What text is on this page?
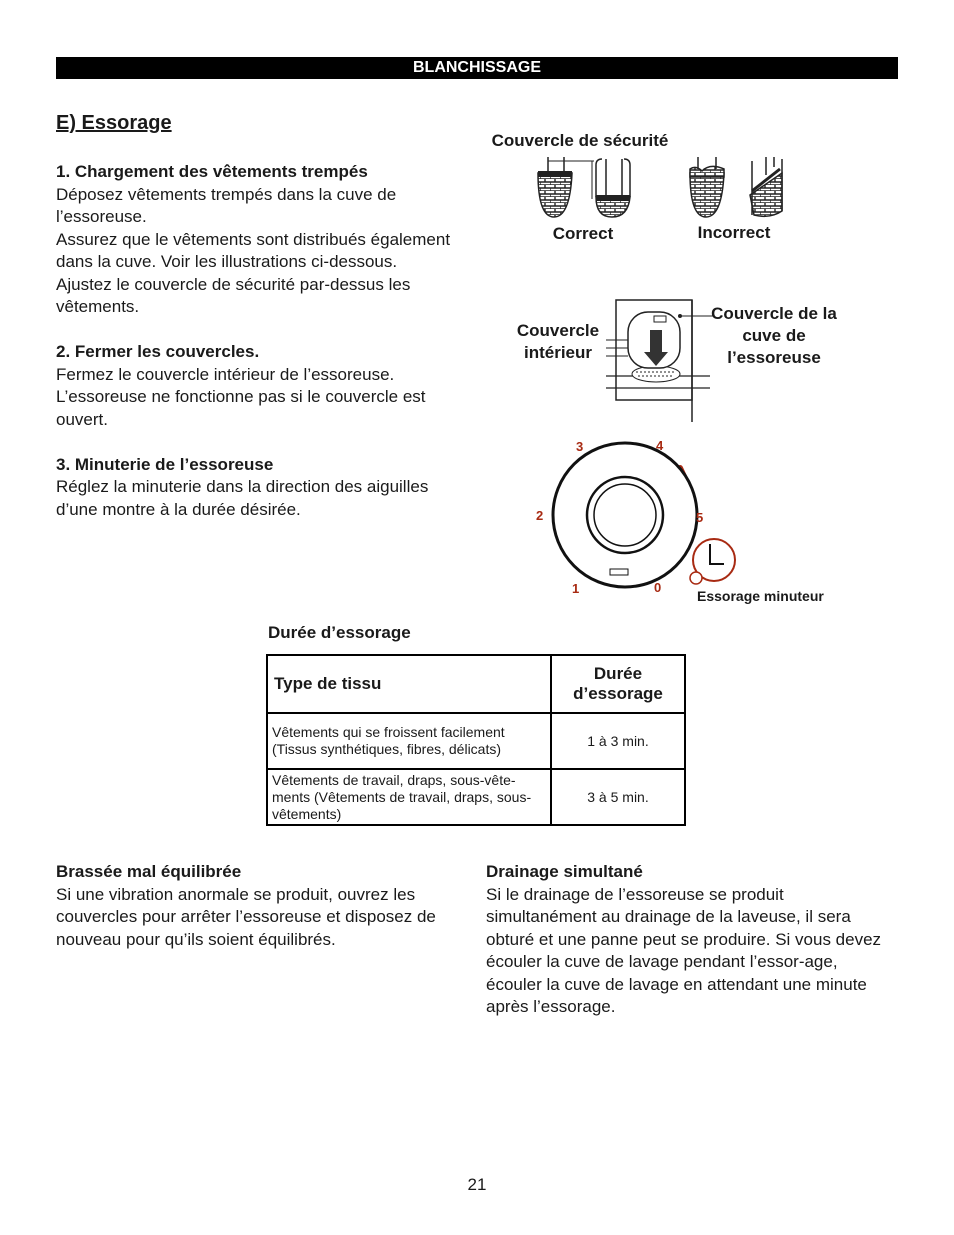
BLANCHISSAGE
E) Essorage

1. Chargement des vêtements trempés
Déposez vêtements trempés dans la cuve de l’essoreuse.
Assurez que le vêtements sont distribués également dans la cuve. Voir les illustrations ci-dessous.
Ajustez le couvercle de sécurité par-dessus les vêtements.

2. Fermer les couvercles.
Fermez le couvercle intérieur de l’essoreuse.
L’essoreuse ne fonctionne pas si le couvercle est ouvert.

3. Minuterie de l’essoreuse
Réglez la minuterie dans la direction des aiguilles d’une montre à la durée désirée.

Couvercle de sécurité
Correct	Incorrect
Couvercle intérieur
Couvercle de la cuve de l’essoreuse
3	4
2	5
1	0
Essorage minuteur
Durée d’essorage
Type de tissu	Durée d’essorage
Vêtements qui se froissent facilement (Tissus synthétiques, fibres, délicats)	1 à 3 min.
Vêtements de travail, draps, sous-vête-ments (Vêtements de travail, draps, sous-vêtements)	3 à 5 min.
Brassée mal équilibrée
Si une vibration anormale se produit, ouvrez les couvercles pour arrêter l’essoreuse et disposez de nouveau pour qu’ils soient équilibrés.
Drainage simultané
Si le drainage de l’essoreuse se produit simultanément au drainage de la laveuse, il sera obturé et une panne peut se produire. Si vous devez écouler la cuve de lavage pendant l’essor-age, écouler la cuve de lavage en attendant une minute après l’essorage.
21
